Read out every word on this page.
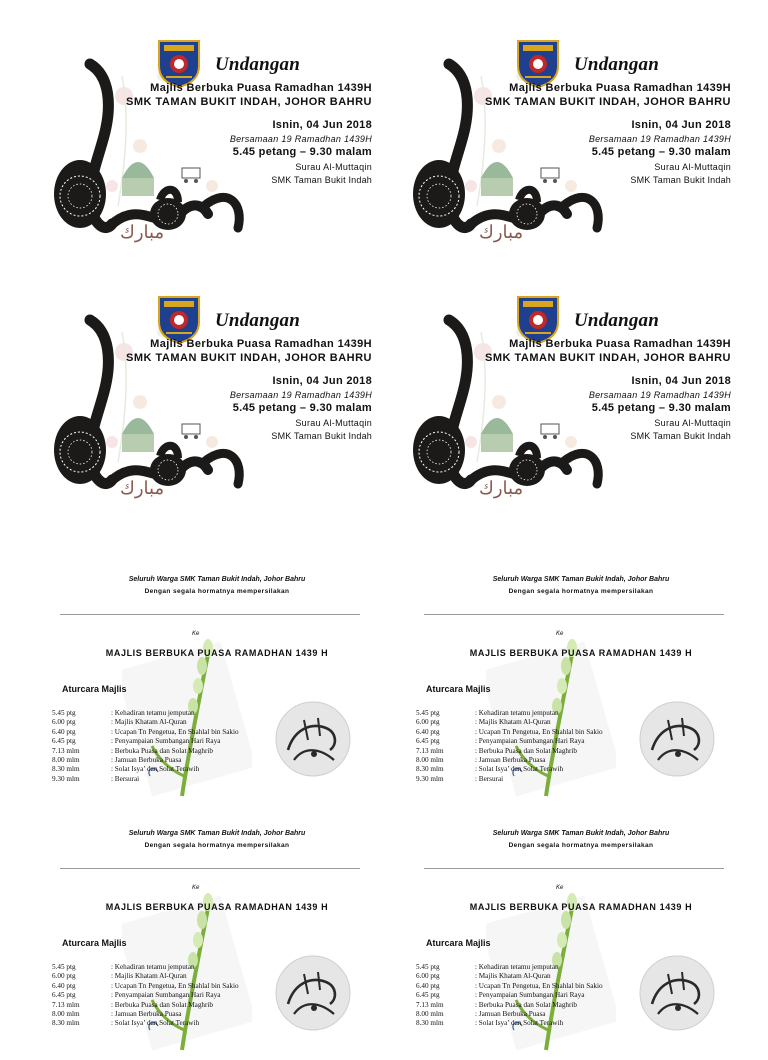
Undangan
Majlis Berbuka Puasa Ramadhan 1439H
SMK TAMAN BUKIT INDAH, JOHOR BAHRU
Isnin, 04 Jun 2018
Bersamaan 19 Ramadhan 1439H
5.45 petang – 9.30 malam
Surau Al-Muttaqin
SMK Taman Bukit Indah
مبارك
Undangan
Majlis Berbuka Puasa Ramadhan 1439H
SMK TAMAN BUKIT INDAH, JOHOR BAHRU
Isnin, 04 Jun 2018
Bersamaan 19 Ramadhan 1439H
5.45 petang – 9.30 malam
Surau Al-Muttaqin
SMK Taman Bukit Indah
مبارك
Undangan
Majlis Berbuka Puasa Ramadhan 1439H
SMK TAMAN BUKIT INDAH, JOHOR BAHRU
Isnin, 04 Jun 2018
Bersamaan 19 Ramadhan 1439H
5.45 petang – 9.30 malam
Surau Al-Muttaqin
SMK Taman Bukit Indah
مبارك
Undangan
Majlis Berbuka Puasa Ramadhan 1439H
SMK TAMAN BUKIT INDAH, JOHOR BAHRU
Isnin, 04 Jun 2018
Bersamaan 19 Ramadhan 1439H
5.45 petang – 9.30 malam
Surau Al-Muttaqin
SMK Taman Bukit Indah
مبارك
Seluruh Warga SMK Taman Bukit Indah, Johor Bahru
Dengan segala hormatnya mempersilakan
Ke
MAJLIS BERBUKA PUASA RAMADHAN 1439 H
Aturcara Majlis
5.45 ptg	: Kehadiran tetamu jemputan
6.00 ptg	: Majlis Khatam Al-Quran
6.40 ptg	: Ucapan Tn Pengetua, En Shahlal bin Sakio
6.45 ptg	: Penyampaian Sumbangan Hari Raya
7.13 mlm	: Berbuka Puasa dan Solat Maghrib
8.00 mlm	: Jamuan Berbuka Puasa
8.30 mlm	: Solat Isya’ dan Solat Terawih
9.30 mlm	: Bersurai
Seluruh Warga SMK Taman Bukit Indah, Johor Bahru
Dengan segala hormatnya mempersilakan
Ke
MAJLIS BERBUKA PUASA RAMADHAN 1439 H
Aturcara Majlis
5.45 ptg	: Kehadiran tetamu jemputan
6.00 ptg	: Majlis Khatam Al-Quran
6.40 ptg	: Ucapan Tn Pengetua, En Shahlal bin Sakio
6.45 ptg	: Penyampaian Sumbangan Hari Raya
7.13 mlm	: Berbuka Puasa dan Solat Maghrib
8.00 mlm	: Jamuan Berbuka Puasa
8.30 mlm	: Solat Isya’ dan Solat Terawih
9.30 mlm	: Bersurai
Seluruh Warga SMK Taman Bukit Indah, Johor Bahru
Dengan segala hormatnya mempersilakan
Ke
MAJLIS BERBUKA PUASA RAMADHAN 1439 H
Aturcara Majlis
5.45 ptg	: Kehadiran tetamu jemputan
6.00 ptg	: Majlis Khatam Al-Quran
6.40 ptg	: Ucapan Tn Pengetua, En Shahlal bin Sakio
6.45 ptg	: Penyampaian Sumbangan Hari Raya
7.13 mlm	: Berbuka Puasa dan Solat Maghrib
8.00 mlm	: Jamuan Berbuka Puasa
8.30 mlm	: Solat Isya’ dan Solat Terawih
Seluruh Warga SMK Taman Bukit Indah, Johor Bahru
Dengan segala hormatnya mempersilakan
Ke
MAJLIS BERBUKA PUASA RAMADHAN 1439 H
Aturcara Majlis
5.45 ptg	: Kehadiran tetamu jemputan
6.00 ptg	: Majlis Khatam Al-Quran
6.40 ptg	: Ucapan Tn Pengetua, En Shahlal bin Sakio
6.45 ptg	: Penyampaian Sumbangan Hari Raya
7.13 mlm	: Berbuka Puasa dan Solat Maghrib
8.00 mlm	: Jamuan Berbuka Puasa
8.30 mlm	: Solat Isya’ dan Solat Terawih
